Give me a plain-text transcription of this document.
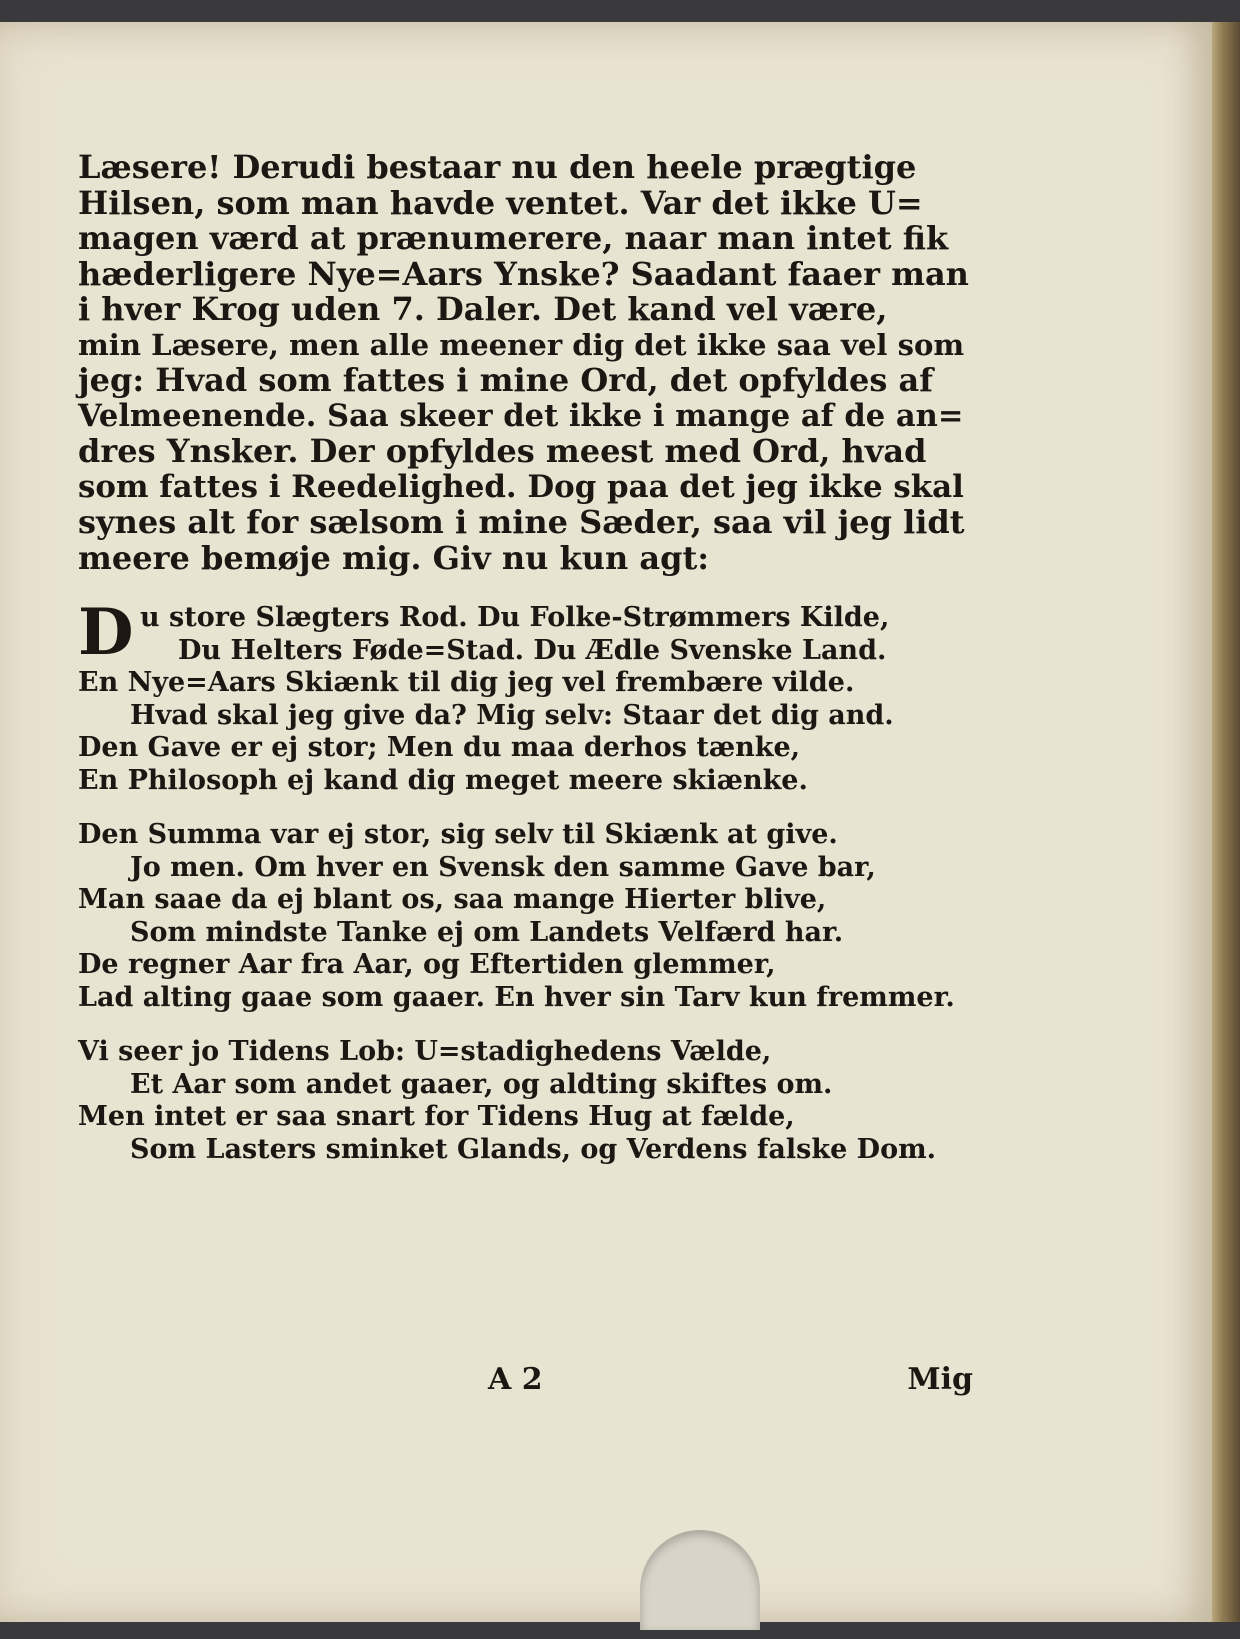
Læsere! Derudi bestaar nu den heele prægtige

Hilsen, som man havde ventet. Var det ikke U=

magen værd at prænumerere, naar man intet fik

hæderligere Nye=Aars Ynske? Saadant faaer man

i hver Krog uden 7. Daler. Det kand vel være,

min Læsere, men alle meener dig det ikke saa vel som

jeg: Hvad som fattes i mine Ord, det opfyldes af

Velmeenende. Saa skeer det ikke i mange af de an=

dres Ynsker. Der opfyldes meest med Ord, hvad

som fattes i Reedelighed. Dog paa det jeg ikke skal

synes alt for sælsom i mine Sæder, saa vil jeg lidt

meere bemøje mig. Giv nu kun agt:

D u store Slægters Rod. Du Folke-Strømmers Kilde,
Du Helters Føde=Stad. Du Ædle Svenske Land.
En Nye=Aars Skiænk til dig jeg vel frembære vilde.
Hvad skal jeg give da? Mig selv: Staar det dig and.
Den Gave er ej stor; Men du maa derhos tænke,
En Philosoph ej kand dig meget meere skiænke.
Den Summa var ej stor, sig selv til Skiænk at give.
Jo men. Om hver en Svensk den samme Gave bar,
Man saae da ej blant os, saa mange Hierter blive,
Som mindste Tanke ej om Landets Velfærd har.
De regner Aar fra Aar, og Eftertiden glemmer,
Lad alting gaae som gaaer. En hver sin Tarv kun fremmer.
Vi seer jo Tidens Lob: U=stadighedens Vælde,
Et Aar som andet gaaer, og aldting skiftes om.
Men intet er saa snart for Tidens Hug at fælde,
Som Lasters sminket Glands, og Verdens falske Dom.
A 2	Mig
